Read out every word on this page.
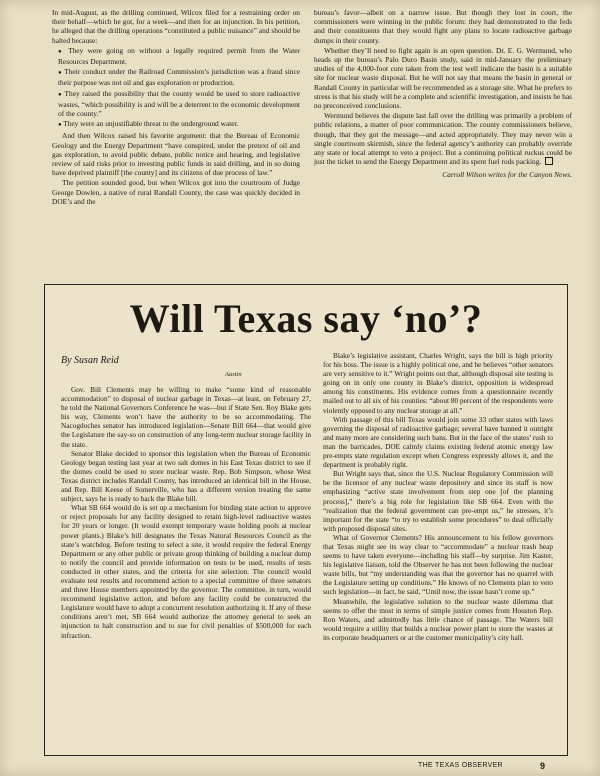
In mid-August, as the drilling continued, Wilcox filed for a restraining order on their behalf—which he got, for a week—and then for an injunction. In his petition, he alleged that the drilling operations “constituted a public nuisance” and should be halted because:

● They were going on without a legally required permit from the Water Resources Department.

● Their conduct under the Railroad Commission’s jurisdiction was a fraud since their purpose was not oil and gas exploration or production.

● They raised the possibility that the county would be used to store radioactive wastes, “which possibility is and will be a deterrent to the economic development of the county.”

● They were an unjustifiable threat to the underground water.

And then Wilcox raised his favorite argument: that the Bureau of Economic Geology and the Energy Department “have conspired, under the pretext of oil and gas exploration, to avoid public debate, public notice and hearing, and legislative review of said risks prior to investing public funds in said drilling, and in so doing have deprived plaintiff [the county] and its citizens of due process of law.”

The petition sounded good, but when Wilcox got into the courtroom of Judge George Dowlen, a native of rural Randall County, the case was quickly decided in DOE’s and the

bureau’s favor—albeit on a narrow issue. But though they lost in court, the commissioners were winning in the public forum: they had demonstrated to the feds and their constituents that they would fight any plans to locate radioactive garbage dumps in their county.

Whether they’ll need to fight again is an open question. Dr. E. G. Wermund, who heads up the bureau’s Palo Duro Basin study, said in mid-January the preliminary studies of the 4,000-foot core taken from the test well indicate the basin is a suitable site for nuclear waste disposal. But he will not say that means the basin in general or Randall County in particular will be recommended as a storage site. What he prefers to stress is that his study will be a complete and scientific investigation, and insists he has no preconceived conclusions.

Wermund believes the dispute last fall over the drilling was primarily a problem of public relations, a matter of poor communication. The county commissioners believe, though, that they got the message—and acted appropriately. They may never win a single courtroom skirmish, since the federal agency’s authority can probably override any state or local attempt to veto a project. But a continuing political ruckus could be just the ticket to send the Energy Department and its spent fuel rods packing.

Carroll Wilson writes for the Canyon News.

Will Texas say ‘no’?
By Susan Reid
Austin

Gov. Bill Clements may be willing to make “some kind of reasonable accommodation” to disposal of nuclear garbage in Texas—at least, on February 27, he told the National Governors Conference he was—but if State Sen. Roy Blake gets his way, Clements won’t have the authority to be so accommodating. The Nacogdoches senator has introduced legislation—Senate Bill 664—that would give the Legislature the say-so on construction of any long-term nuclear storage facility in the state.

Senator Blake decided to sponsor this legislation when the Bureau of Economic Geology began testing last year at two salt domes in his East Texas district to see if the domes could be used to store nuclear waste. Rep. Bob Simpson, whose West Texas district includes Randall County, has introduced an identical bill in the House, and Rep. Bill Keese of Somerville, who has a different version treating the same subject, says he is ready to back the Blake bill.

What SB 664 would do is set up a mechanism for binding state action to approve or reject proposals for any facility designed to retain high-level radioactive wastes for 20 years or longer. (It would exempt temporary waste holding pools at nuclear power plants.) Blake’s bill designates the Texas Natural Resources Council as the state’s watchdog. Before testing to select a site, it would require the federal Energy Department or any other public or private group thinking of building a nuclear dump to notify the council and provide information on tests to be used, results of tests conducted in other states, and the criteria for site selection. The council would evaluate test results and recommend action to a special committee of three senators and three House members appointed by the governor. The committee, in turn, would recommend legislative action, and before any facility could be constructed the Legislature would have to adopt a concurrent resolution authorizing it. If any of these conditions aren’t met, SB 664 would authorize the attorney general to seek an injunction to halt construction and to sue for civil penalties of $500,000 for each infraction.

Blake’s legislative assistant, Charles Wright, says the bill is high priority for his boss. The issue is a highly political one, and he believes “other senators are very sensitive to it.” Wright points out that, although disposal site testing is going on in only one county in Blake’s district, opposition is widespread among his constituents. His evidence comes from a questionnaire recently mailed out to all six of his counties: “about 80 percent of the respondents were violently opposed to any nuclear storage at all.”

With passage of this bill Texas would join some 33 other states with laws governing the disposal of radioactive garbage; several have banned it outright and many more are considering such bans. But in the face of the states’ rush to man the barricades, DOE calmly claims existing federal atomic energy law pre-empts state regulation except when Congress expressly allows it, and the department is probably right.

But Wright says that, since the U.S. Nuclear Regulatory Commission will be the licensor of any nuclear waste depository and since its staff is now emphasizing “active state involvement from step one [of the planning process],” there’s a big role for legislation like SB 664. Even with the “realization that the federal government can pre-empt us,” he stresses, it’s important for the state “to try to establish some procedures” to deal officially with proposed disposal sites.

What of Governor Clements? His announcement to his fellow governors that Texas might see its way clear to “accommodate” a nuclear trash heap seems to have taken everyone—including his staff—by surprise. Jim Kaster, his legislative liaison, told the Observer he has not been following the nuclear waste bills, but “my understanding was that the governor has no quarrel with the Legislature setting up conditions.” He knows of no Clements plan to veto such legislation—in fact, he said, “Until now, the issue hasn’t come up.”

Meanwhile, the legislative solution to the nuclear waste dilemma that seems to offer the most in terms of simple justice comes from Houston Rep. Ron Waters, and admittedly has little chance of passage. The Waters bill would require a utility that builds a nuclear power plant to store the wastes at its corporate headquarters or at the customer municipality’s city hall.

THE TEXAS OBSERVER	9
